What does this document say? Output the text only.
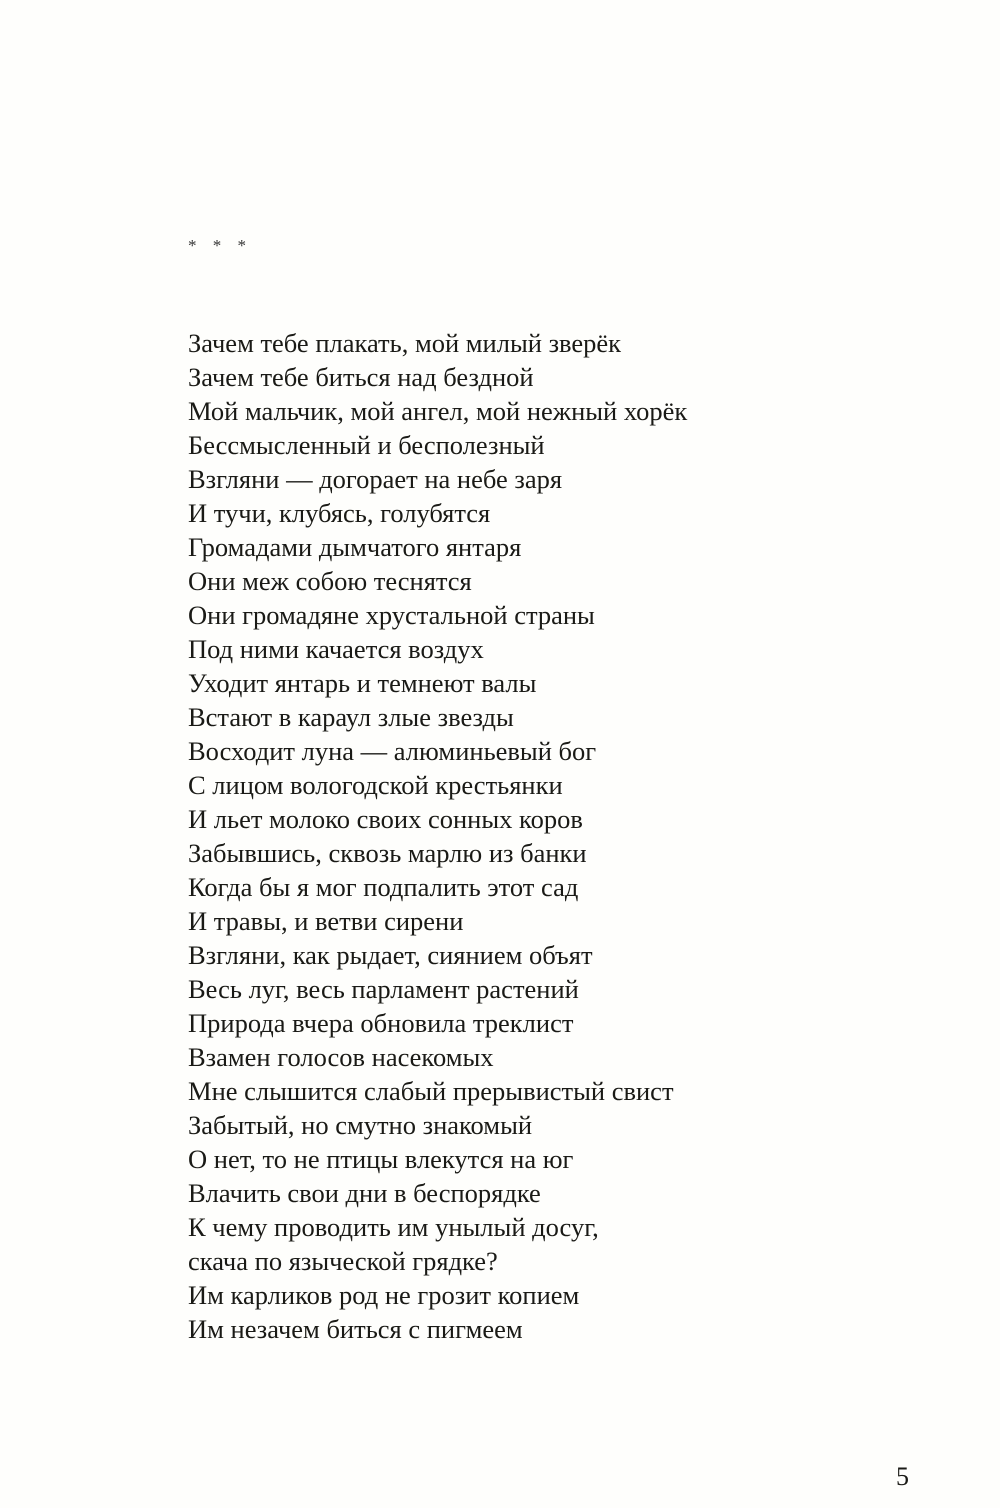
* * *
Зачем тебе плакать, мой милый зверёк
Зачем тебе биться над бездной
Мой мальчик, мой ангел, мой нежный хорёк
Бессмысленный и бесполезный
Взгляни — догорает на небе заря
И тучи, клубясь, голубятся
Громадами дымчатого янтаря
Они меж собою теснятся
Они громадяне хрустальной страны
Под ними качается воздух
Уходит янтарь и темнеют валы
Встают в караул злые звезды
Восходит луна — алюминьевый бог
С лицом вологодской крестьянки
И льет молоко своих сонных коров
Забывшись, сквозь марлю из банки
Когда бы я мог подпалить этот сад
И травы, и ветви сирени
Взгляни, как рыдает, сиянием объят
Весь луг, весь парламент растений
Природа вчера обновила треклист
Взамен голосов насекомых
Мне слышится слабый прерывистый свист
Забытый, но смутно знакомый
О нет, то не птицы влекутся на юг
Влачить свои дни в беспорядке
К чему проводить им унылый досуг,
скача по языческой грядке?
Им карликов род не грозит копием
Им незачем биться с пигмеем
5
